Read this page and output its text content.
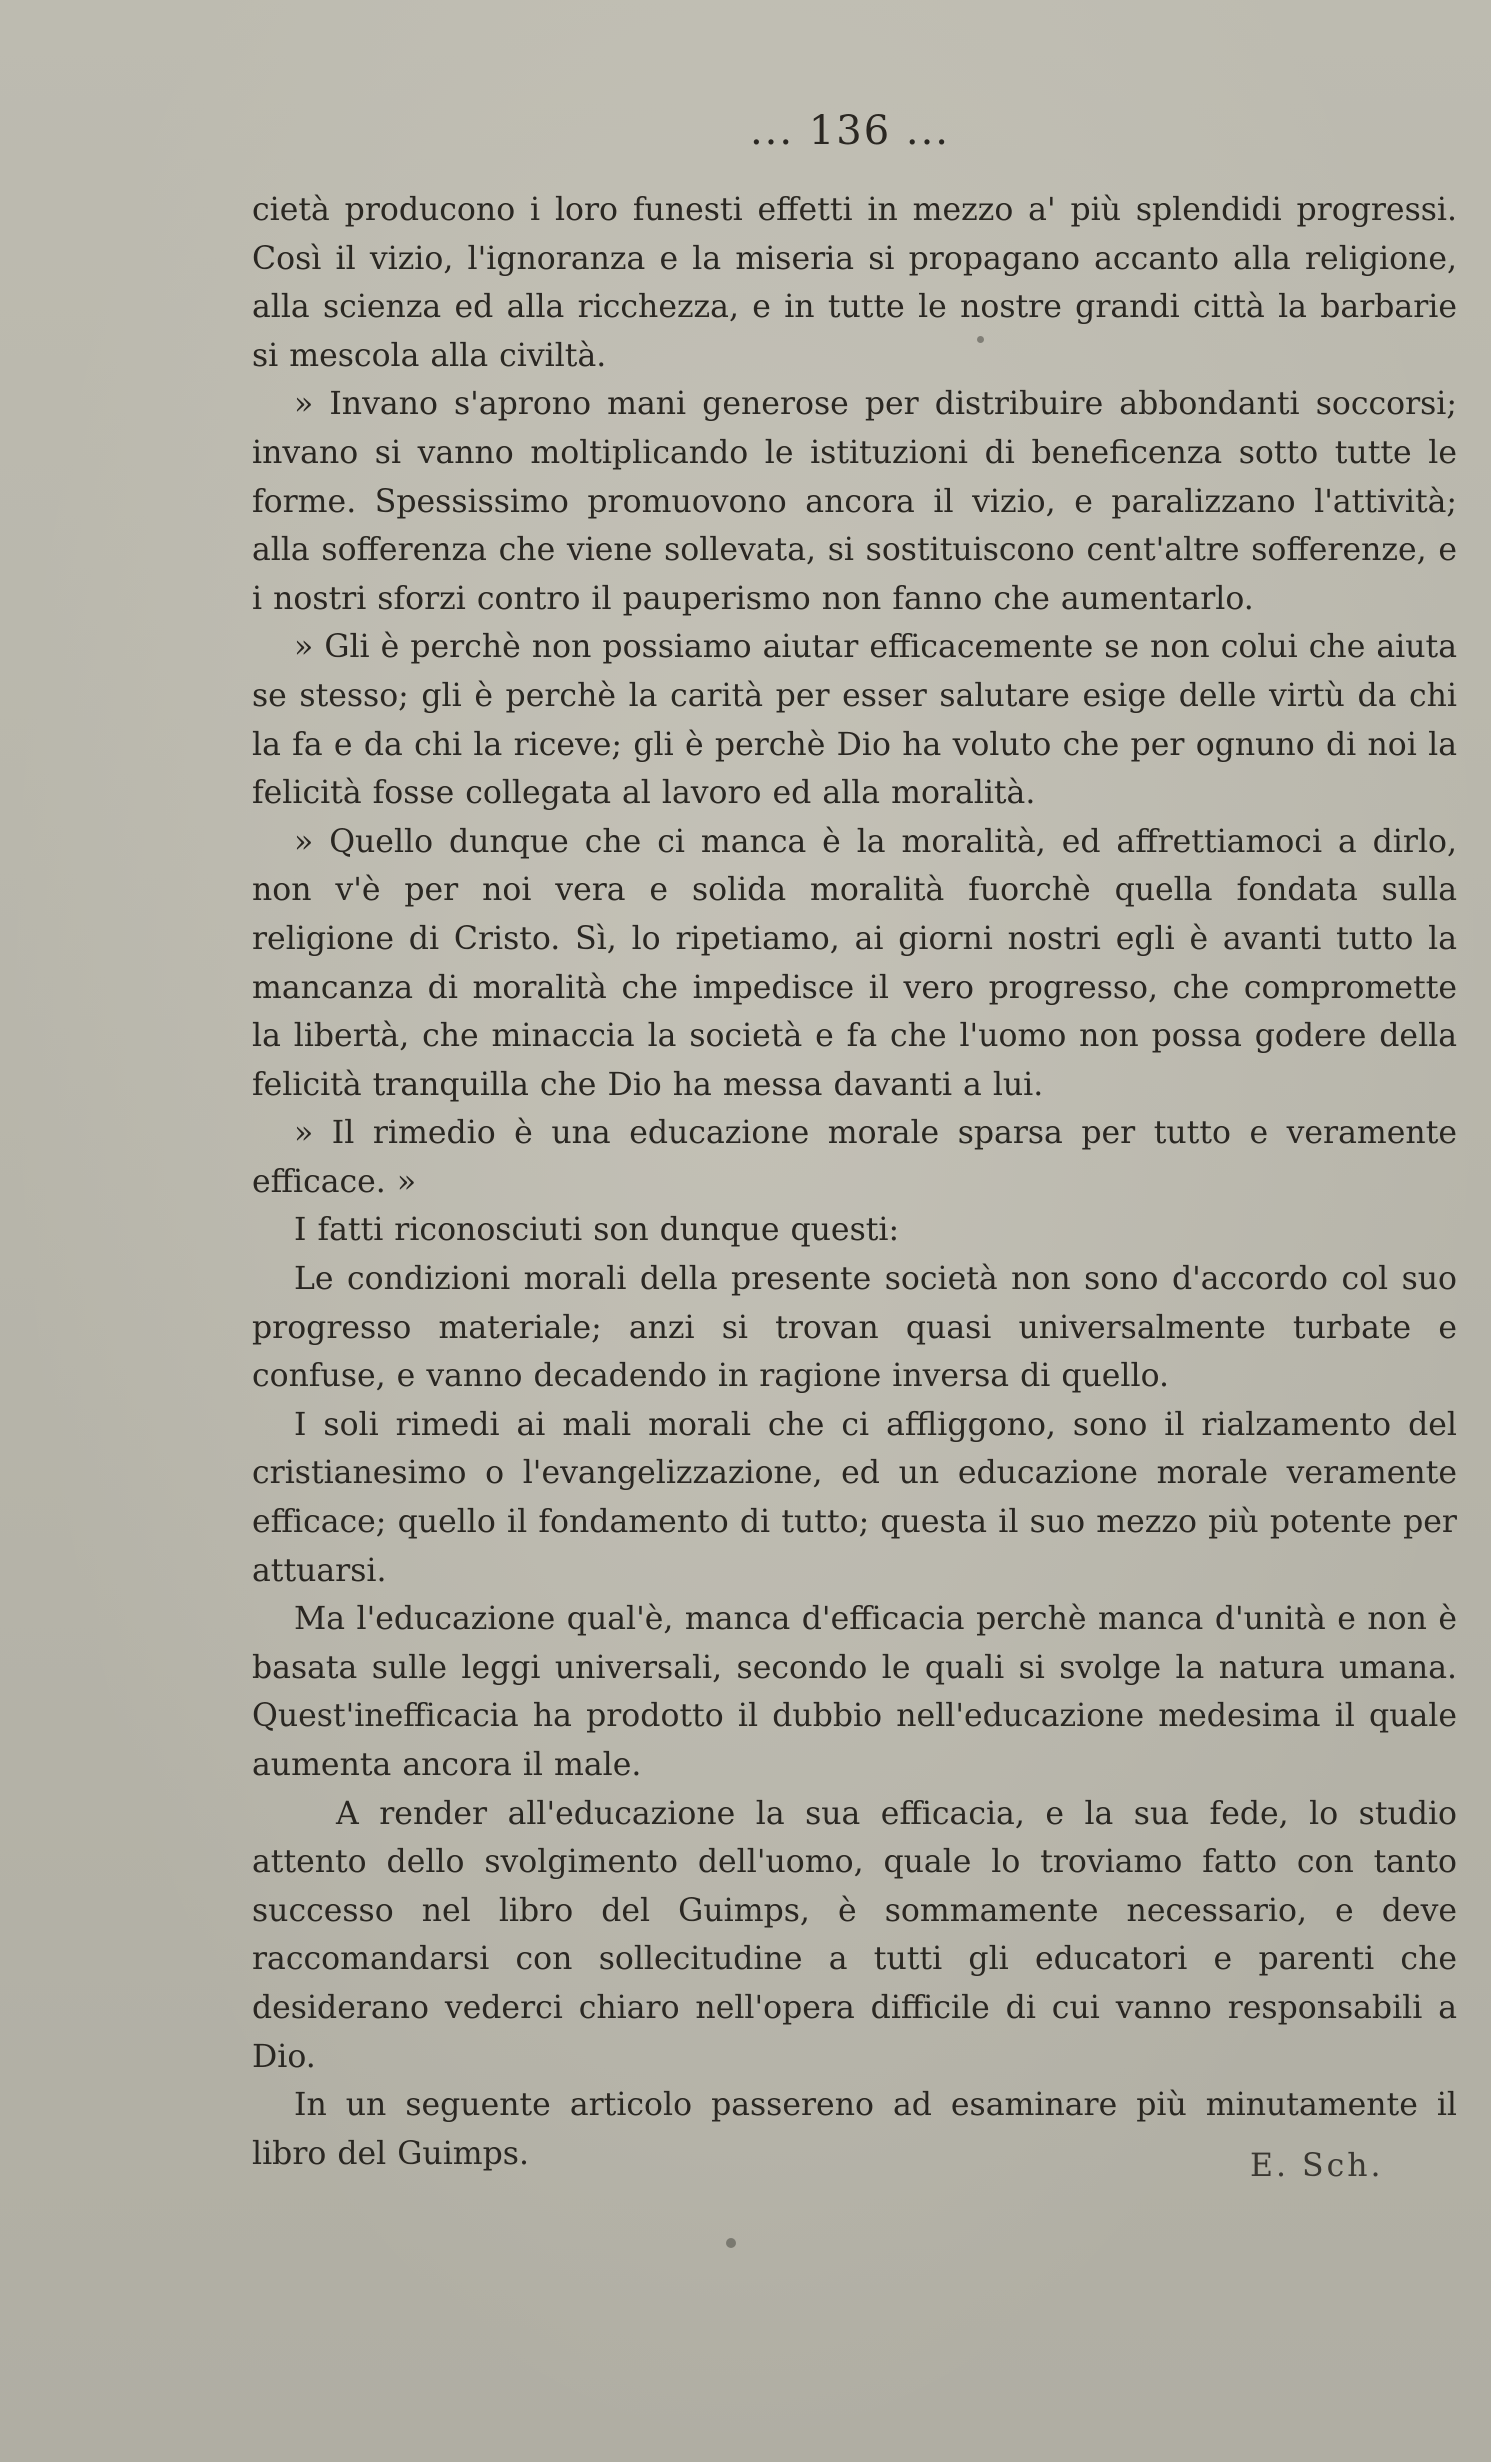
... 136 ...

cietà producono i loro funesti effetti in mezzo a' più splendidi progressi. Così il vizio, l'ignoranza e la miseria si propagano accanto alla religione, alla scienza ed alla ricchezza, e in tutte le nostre grandi città la barbarie si mescola alla civiltà.

» Invano s'aprono mani generose per distribuire abbondanti soccorsi; invano si vanno moltiplicando le istituzioni di beneficenza sotto tutte le forme. Spessissimo promuovono ancora il vizio, e paralizzano l'attività; alla sofferenza che viene sollevata, si sostituiscono cent'altre sofferenze, e i nostri sforzi contro il pauperismo non fanno che aumentarlo.

» Gli è perchè non possiamo aiutar efficacemente se non colui che aiuta se stesso; gli è perchè la carità per esser salutare esige delle virtù da chi la fa e da chi la riceve; gli è perchè Dio ha voluto che per ognuno di noi la felicità fosse collegata al lavoro ed alla moralità.

» Quello dunque che ci manca è la moralità, ed affrettiamoci a dirlo, non v'è per noi vera e solida moralità fuorchè quella fondata sulla religione di Cristo. Sì, lo ripetiamo, ai giorni nostri egli è avanti tutto la mancanza di moralità che impedisce il vero progresso, che compromette la libertà, che minaccia la società e fa che l'uomo non possa godere della felicità tranquilla che Dio ha messa davanti a lui.

» Il rimedio è una educazione morale sparsa per tutto e veramente efficace. »

I fatti riconosciuti son dunque questi:

Le condizioni morali della presente società non sono d'accordo col suo progresso materiale; anzi si trovan quasi universalmente turbate e confuse, e vanno decadendo in ragione inversa di quello.

I soli rimedi ai mali morali che ci affliggono, sono il rialzamento del cristianesimo o l'evangelizzazione, ed un educazione morale veramente efficace; quello il fondamento di tutto; questa il suo mezzo più potente per attuarsi.

Ma l'educazione qual'è, manca d'efficacia perchè manca d'unità e non è basata sulle leggi universali, secondo le quali si svolge la natura umana. Quest'inefficacia ha prodotto il dubbio nell'educazione medesima il quale aumenta ancora il male.

A render all'educazione la sua efficacia, e la sua fede, lo studio attento dello svolgimento dell'uomo, quale lo troviamo fatto con tanto successo nel libro del Guimps, è sommamente necessario, e deve raccomandarsi con sollecitudine a tutti gli educatori e parenti che desiderano vederci chiaro nell'opera difficile di cui vanno responsabili a Dio.

In un seguente articolo passereno ad esaminare più minutamente il libro del Guimps.	E. Sch.
